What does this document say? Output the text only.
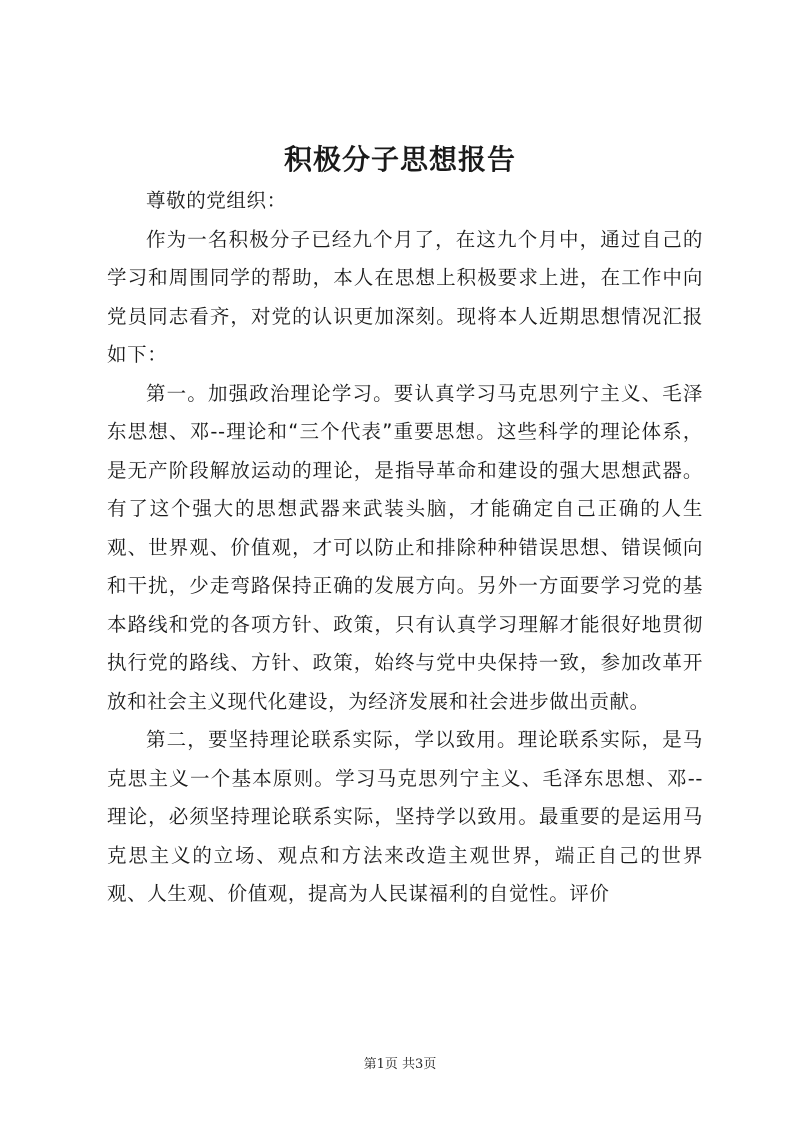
积极分子思想报告

尊敬的党组织：

作为一名积极分子已经九个月了，在这九个月中，通过自己的学习和周围同学的帮助，本人在思想上积极要求上进，在工作中向党员同志看齐，对党的认识更加深刻。现将本人近期思想情况汇报如下：

第一。加强政治理论学习。要认真学习马克思列宁主义、毛泽东思想、邓--理论和“三个代表”重要思想。这些科学的理论体系，是无产阶段解放运动的理论，是指导革命和建设的强大思想武器。有了这个强大的思想武器来武装头脑，才能确定自己正确的人生观、世界观、价值观，才可以防止和排除种种错误思想、错误倾向和干扰，少走弯路保持正确的发展方向。另外一方面要学习党的基本路线和党的各项方针、政策，只有认真学习理解才能很好地贯彻执行党的路线、方针、政策，始终与党中央保持一致，参加改革开放和社会主义现代化建设，为经济发展和社会进步做出贡献。

第二，要坚持理论联系实际，学以致用。理论联系实际，是马克思主义一个基本原则。学习马克思列宁主义、毛泽东思想、邓--理论，必须坚持理论联系实际，坚持学以致用。最重要的是运用马克思主义的立场、观点和方法来改造主观世界，端正自己的世界观、人生观、价值观，提高为人民谋福利的自觉性。评价

第1页 共3页
